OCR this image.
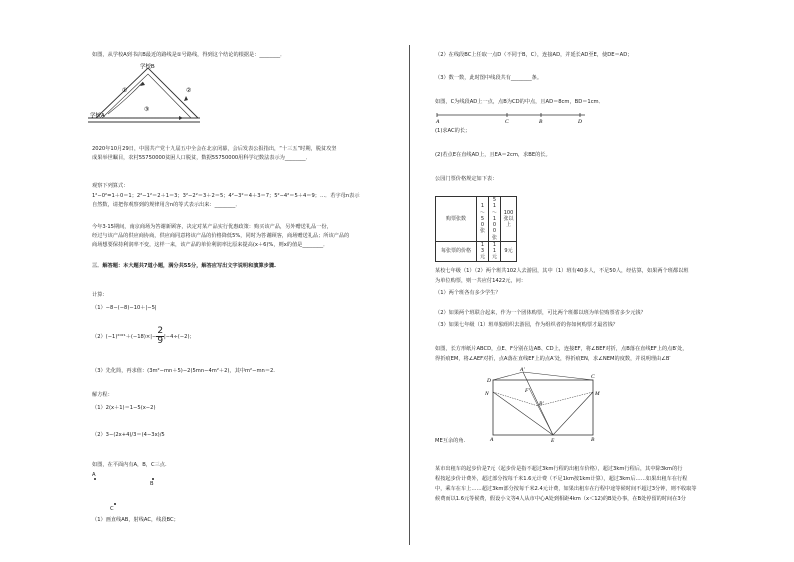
如图，从学校A到书店B最近的路线是①号路线，得到这个结论的根据是：________．
学校B
学校A
①	②
③
2020年10月29日，中国共产党十九届五中全会在北京闭幕，会后发表公报指出，“十三五”时期，脱贫攻坚
成果举世瞩目，农村55750000贫困人口脱贫，数据55750000用科学记数法表示为________．
观察下列算式：
1²−0²=1＋0＝1；2²−1²＝2＋1＝3；3²−2²＝3＋2＝5；4²−3²＝4＋3＝7；5²−4²＝5＋4＝9；…．若字母n表示
自然数，请把你观察到的规律用含n的等式表示出来：________．
今年3·15期间，南京商场为答谢新顾客，决定对某产品实行优惠政策：购买该产品，另外赠送礼品一份，
经过与该产品的供应商协商，供应商同意将该产品的价格降低5%，同时为答谢顾客，商场赠送礼品；所该产品的
商场想要保持利润率不变，这样一来，该产品的单价利润率比原来提高(x＋6)%，则x的值是________．
三．解答题：本大题共7道小题，满分共55分，解答应写出文字说明和演算步骤.
计算：
（1）−8−(−8)−10＋|−5|
$(2)(-1)^{2021}+(-18)\times|- \frac{2}{9} |-4\div(-2)$；
（3）先化简，再求值：(3m²−mn＋5)−2(5mn−4m²＋2)，其中m²−mn＝2.
解方程：
（1）2(x＋1)＝1−5(x−2)
（2）3−(2x+4)/3＝(4−3x)/5
如图，在平面内有A，B，C三点.
A
B
C
（1）画直线AB，射线AC，线段BC；
（2）在线段BC上任取一点D（不同于B，C），连接AD，并延长AD至E，使DE＝AD；
（3）数一数，此时图中线段共有________条。
如图，C为线段AD上一点，点B为CD的中点，且AD＝8cm，BD＝1cm．
A	C	B	D
(1)求AC的长；
(2)若点E在直线AD上，且EA＝2cm，求BE的长。
公园门票价格规定如下表：
购票张数	1～50张	51～100张	100张以上
每张票的价格	13元	11元	9元
某校七年级（1）（2）两个班共102人去游园，其中（1）班有40多人，不足50人，经估算，如果两个班都以班
为单位购票，则一共应付1422元，问：
（1）两个班各有多少学生？
（2）如果两个班联合起来，作为一个团体购票，可比两个班都以班为单位购票省多少元钱？
（3）如果七年级（1）班单独组织去游园，作为组织者的你如何购票才最省钱？
如图，长方形纸片ABCD，点E、F分别在边AB、CD上，连接EF，将∠BEF对折，点B落在直线EF上的点B′处，
得折痕EM，将∠AEF对折，点A落在直线EF上的点A′处，得折痕EN，求∠NEM的度数，并说明理由∠B′
D
A′
C
N	F	M
B′
A	E	B
ME互余的角.
某市出租车的起步价是7元（起步价是指不超过3km行程的出租车价格），超过3km行程后，其中除3km的行
程按起步价计费外，超过部分按每千米1.6元计费（不足1km按1km计算），超过3km后……如果出租车在行程
中，乘车在车上……超过3km部分按每千米2.4元计费，如果出租车在行程中途等候时间不超过3分钟，则不收取等
候费而以1.6元等候费，假设小文等4人从市中心A处到相距4km（x＜12)的B处办事，在B处停留的时间在3分
